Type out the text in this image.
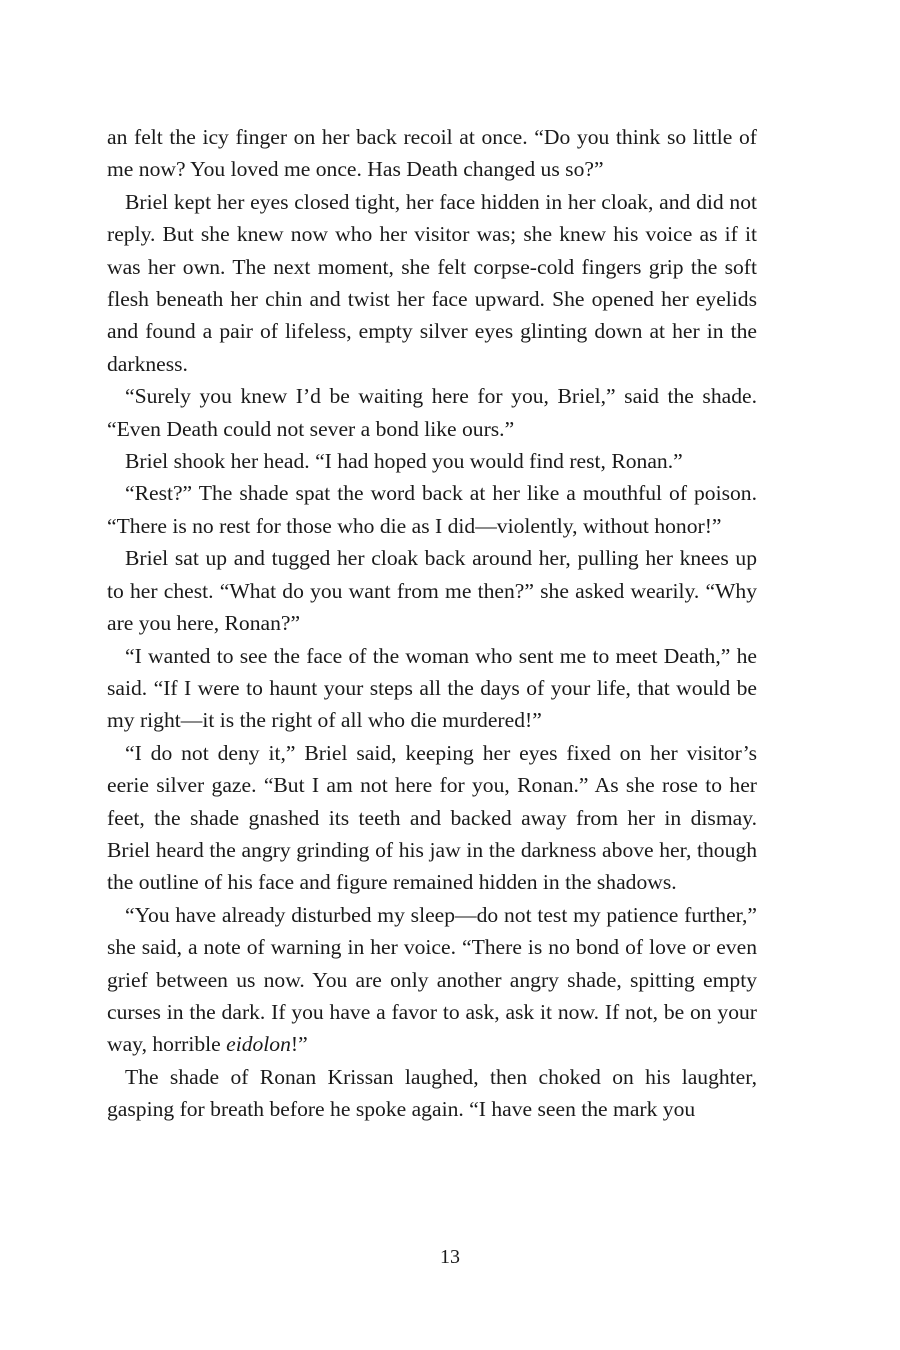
an felt the icy finger on her back recoil at once. “Do you think so little of me now? You loved me once. Has Death changed us so?”

Briel kept her eyes closed tight, her face hidden in her cloak, and did not reply. But she knew now who her visitor was; she knew his voice as if it was her own. The next moment, she felt corpse-cold fingers grip the soft flesh beneath her chin and twist her face upward. She opened her eyelids and found a pair of lifeless, empty silver eyes glinting down at her in the darkness.

“Surely you knew I’d be waiting here for you, Briel,” said the shade. “Even Death could not sever a bond like ours.”

Briel shook her head. “I had hoped you would find rest, Ronan.”

“Rest?” The shade spat the word back at her like a mouthful of poison. “There is no rest for those who die as I did—violently, without honor!”

Briel sat up and tugged her cloak back around her, pulling her knees up to her chest. “What do you want from me then?” she asked wearily. “Why are you here, Ronan?”

“I wanted to see the face of the woman who sent me to meet Death,” he said. “If I were to haunt your steps all the days of your life, that would be my right—it is the right of all who die murdered!”

“I do not deny it,” Briel said, keeping her eyes fixed on her visitor’s eerie silver gaze. “But I am not here for you, Ronan.” As she rose to her feet, the shade gnashed its teeth and backed away from her in dismay. Briel heard the angry grinding of his jaw in the darkness above her, though the outline of his face and figure remained hidden in the shadows.

“You have already disturbed my sleep—do not test my patience further,” she said, a note of warning in her voice. “There is no bond of love or even grief between us now. You are only another angry shade, spitting empty curses in the dark. If you have a favor to ask, ask it now. If not, be on your way, horrible eidolon!”

The shade of Ronan Krissan laughed, then choked on his laughter, gasping for breath before he spoke again. “I have seen the mark you

13
